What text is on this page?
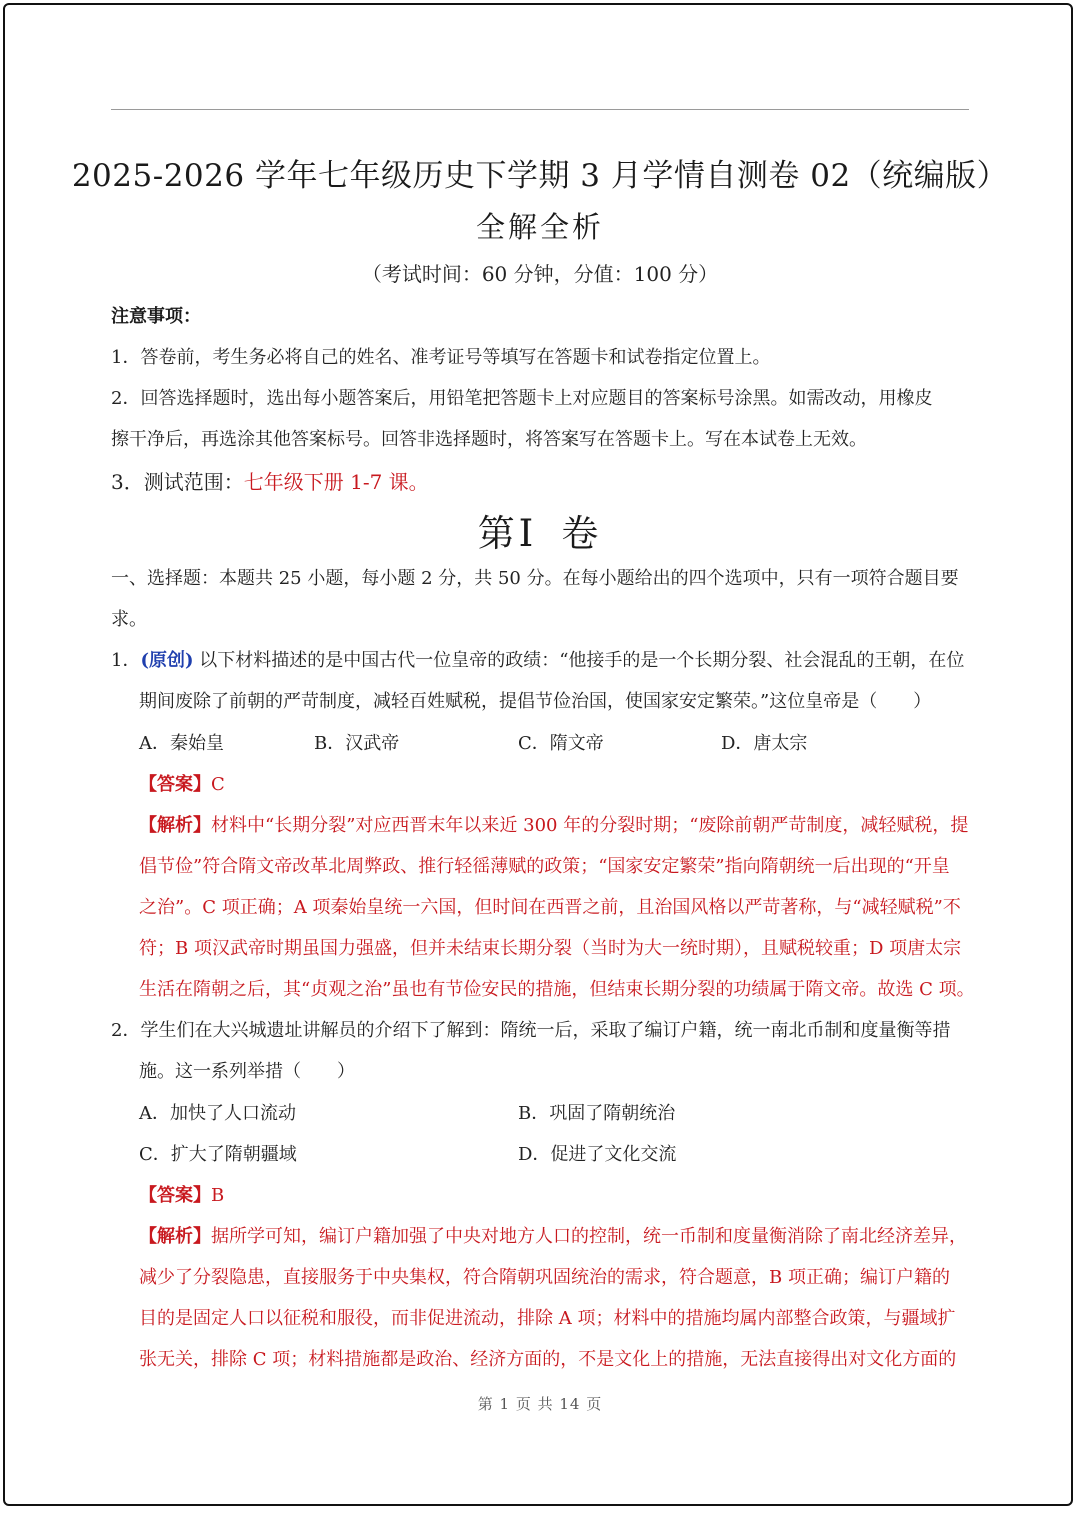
2025-2026 学年七年级历史下学期 3 月学情自测卷 02（统编版）
全解全析
（考试时间：60 分钟，分值：100 分）
注意事项：
1．答卷前，考生务必将自己的姓名、准考证号等填写在答题卡和试卷指定位置上。
2．回答选择题时，选出每小题答案后，用铅笔把答题卡上对应题目的答案标号涂黑。如需改动，用橡皮
擦干净后，再选涂其他答案标号。回答非选择题时，将答案写在答题卡上。写在本试卷上无效。
3．测试范围：七年级下册 1-7 课。
第Ⅰ 卷
一、选择题：本题共 25 小题，每小题 2 分，共 50 分。在每小题给出的四个选项中，只有一项符合题目要
求。
1．(原创) 以下材料描述的是中国古代一位皇帝的政绩：“他接手的是一个长期分裂、社会混乱的王朝，在位
期间废除了前朝的严苛制度，减轻百姓赋税，提倡节俭治国，使国家安定繁荣。”这位皇帝是（　　）
A．秦始皇	B．汉武帝	C．隋文帝	D．唐太宗
【答案】C
【解析】材料中“长期分裂”对应西晋末年以来近 300 年的分裂时期；“废除前朝严苛制度，减轻赋税，提
倡节俭”符合隋文帝改革北周弊政、推行轻徭薄赋的政策；“国家安定繁荣”指向隋朝统一后出现的“开皇
之治”。C 项正确；A 项秦始皇统一六国，但时间在西晋之前，且治国风格以严苛著称，与“减轻赋税”不
符；B 项汉武帝时期虽国力强盛，但并未结束长期分裂（当时为大一统时期），且赋税较重；D 项唐太宗
生活在隋朝之后，其“贞观之治”虽也有节俭安民的措施，但结束长期分裂的功绩属于隋文帝。故选 C 项。
2．学生们在大兴城遗址讲解员的介绍下了解到：隋统一后，采取了编订户籍，统一南北币制和度量衡等措
施。这一系列举措（　　）
A．加快了人口流动	B．巩固了隋朝统治
C．扩大了隋朝疆域	D．促进了文化交流
【答案】B
【解析】据所学可知，编订户籍加强了中央对地方人口的控制，统一币制和度量衡消除了南北经济差异，
减少了分裂隐患，直接服务于中央集权，符合隋朝巩固统治的需求，符合题意，B 项正确；编订户籍的
目的是固定人口以征税和服役，而非促进流动，排除 A 项；材料中的措施均属内部整合政策，与疆域扩
张无关，排除 C 项；材料措施都是政治、经济方面的，不是文化上的措施，无法直接得出对文化方面的
第 1 页 共 14 页
